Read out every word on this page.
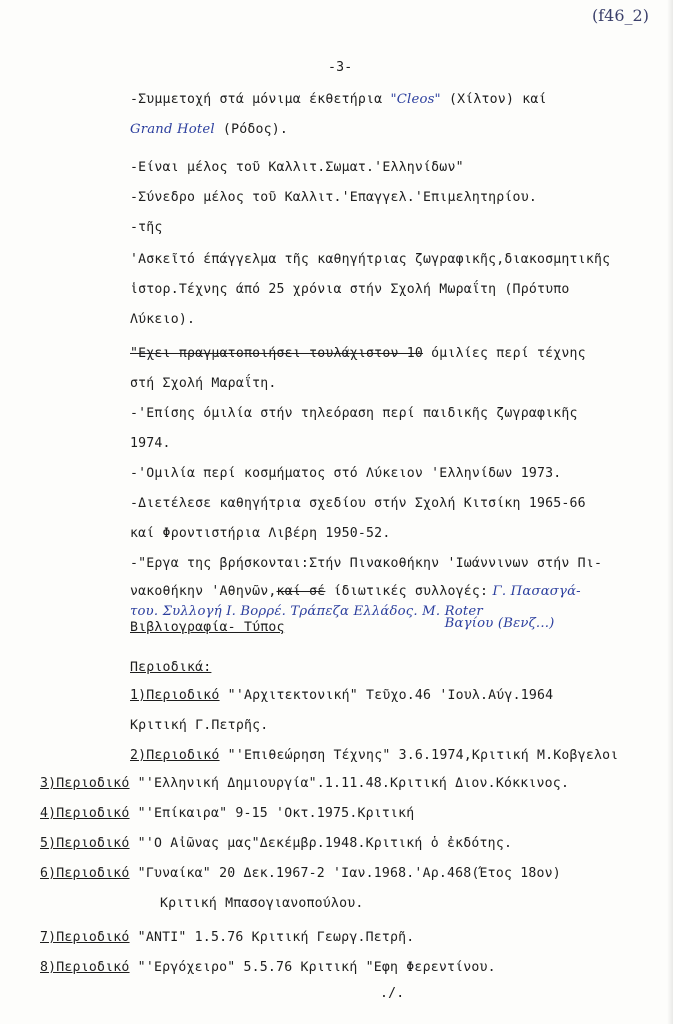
(f46_2)
-3-
-Συμμετοχή στά μόνιμα έκθετήρια "Cleos" (Χίλτον) καί
Grand Hotel (Ρόδος).
-Είναι μέλος τοῦ Καλλιτ.Σωματ.'Ελληνίδων"
-Σύνεδρο μέλος τοῦ Καλλιτ.'Επαγγελ.'Επιμελητηρίου.
-τῆς
'Ασκεῖτό έπάγγελμα τῆς καθηγήτριας ζωγραφικῆς,διακοσμητικῆς
ἱστορ.Τέχνης άπό 25 χρόνια στήν Σχολή Μωραΐτη (Πρότυπο
Λύκειο).
"Εχει πραγματοποιήσει τουλάχιστον 10 όμιλίες περί τέχνης
στή Σχολή Μαραΐτη.
-'Επίσης όμιλία στήν τηλεόραση περί παιδικῆς ζωγραφικῆς
1974.
-'Ομιλία περί κοσμήματος στό Λύκειον 'Ελληνίδων 1973.
-Διετέλεσε καθηγήτρια σχεδίου στήν Σχολή Κιτσίκη 1965-66
καί Φροντιστήρια Λιβέρη 1950-52.
-"Εργα της βρήσκονται:Στήν Πινακοθήκην 'Ιωάννινων στήν Πι-
νακοθήκην 'Αθηνῶν,καί σέ ίδιωτικές συλλογές: Γ. Πασασγά-
του. Συλλογή Ι. Βορρέ. Τράπεζα Ελλάδος. Μ. Roter
Βιβλιογραφία- Τύπος	Βαγίου (Βενζ...)
Περιοδικά:
1)Περιοδικό "'Αρχιτεκτονική" Τεῦχο.46 'Ιουλ.Αύγ.1964
Κριτική Γ.Πετρῆς.
2)Περιοδικό "'Επιθεώρηση Τέχνης" 3.6.1974,Κριτική Μ.Κοβγελοι
3)Περιοδικό "'Ελληνική Δημιουργία".1.11.48.Κριτική Διον.Κόκκινος.
4)Περιοδικό "'Επίκαιρα" 9-15 'Οκτ.1975.Κριτική
5)Περιοδικό "'Ο Αἰῶνας μας"Δεκέμβρ.1948.Κριτική ὁ ἐκδότης.
6)Περιοδικό "Γυναίκα" 20 Δεκ.1967-2 'Ιαν.1968.'Αρ.468(Έτος 18ον)
Κριτική Μπασογιανοπούλου.
7)Περιοδικό "ΑΝΤΙ" 1.5.76 Κριτική Γεωργ.Πετρῆ.
8)Περιοδικό "'Εργόχειρο" 5.5.76 Κριτική "Εφη Φερεντίνου.
./.
